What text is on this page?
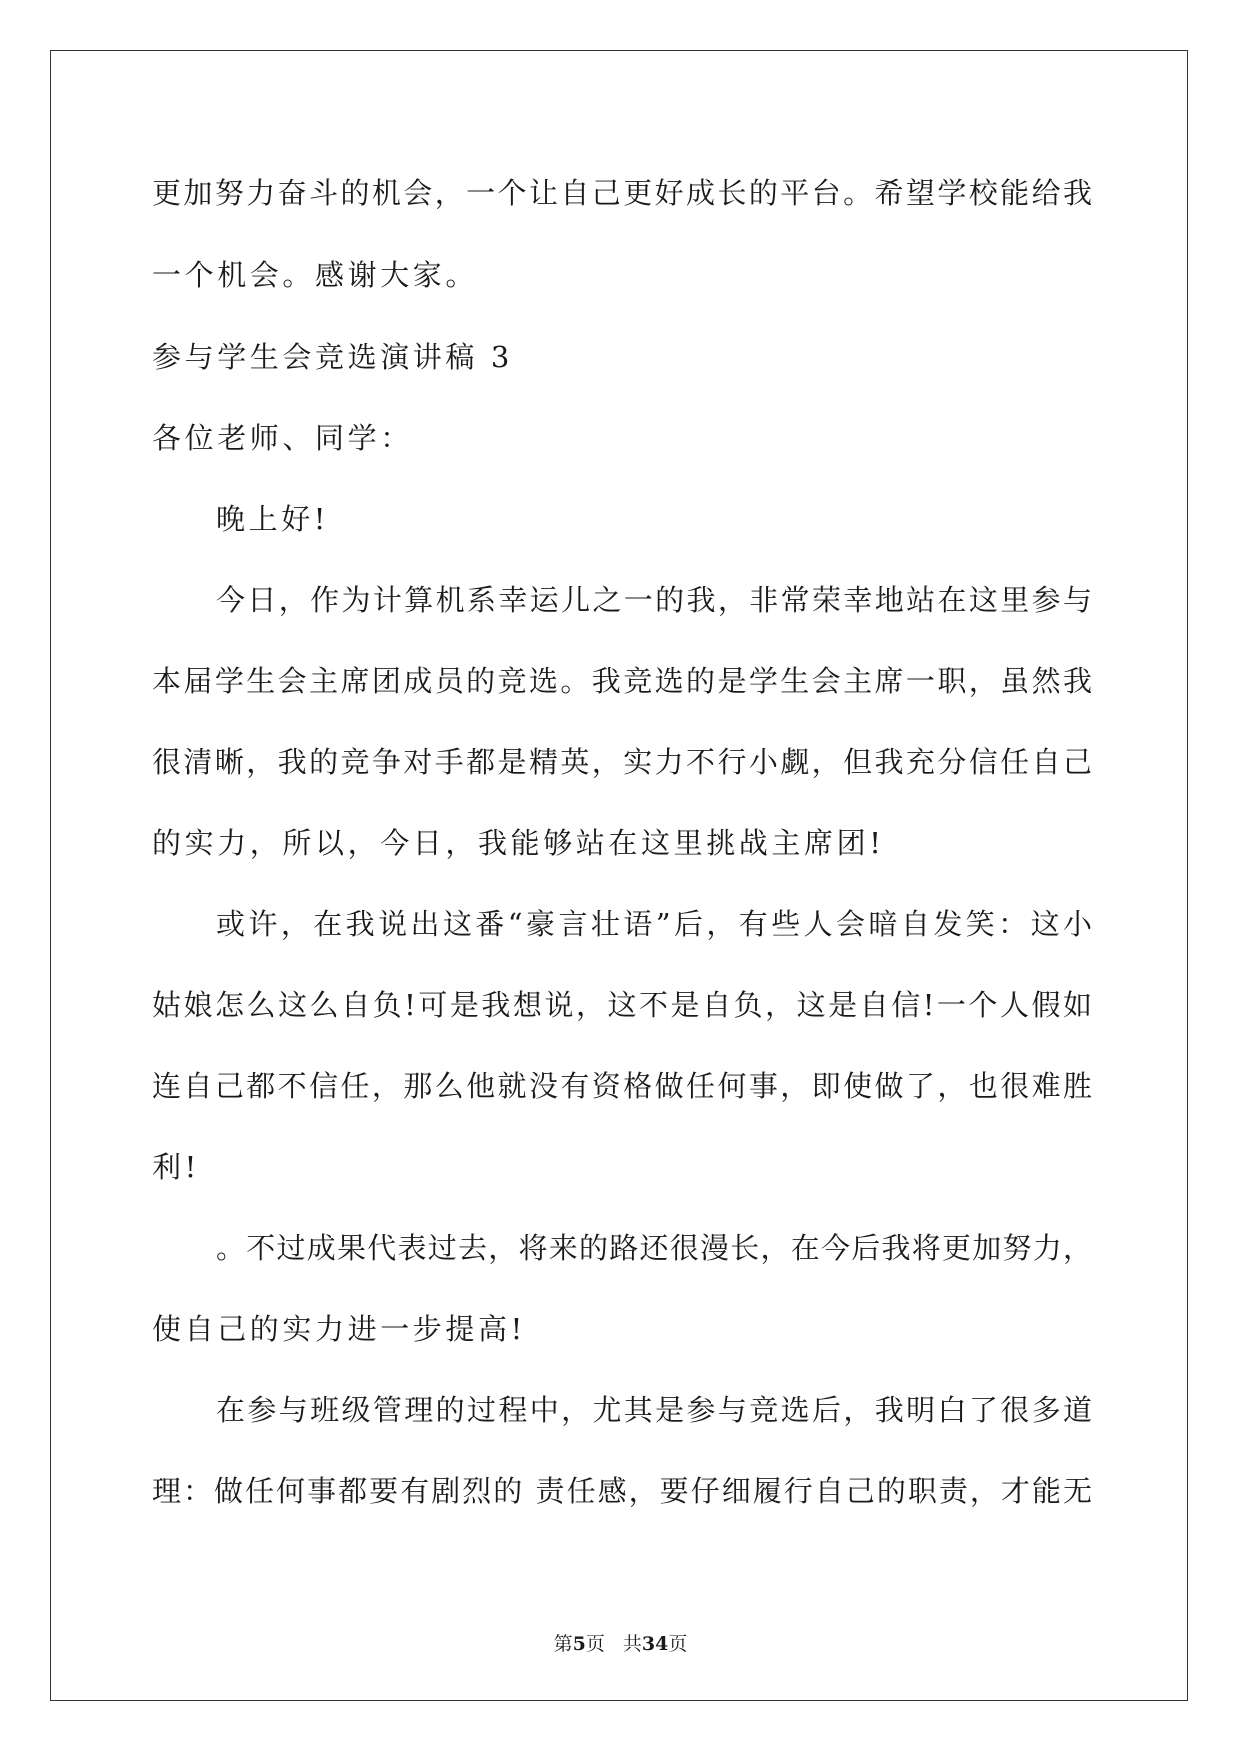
更加努力奋斗的机会，一个让自己更好成长的平台。希望学校能给我
一个机会。感谢大家。
参与学生会竞选演讲稿 3
各位老师、同学：
晚上好!
今日，作为计算机系幸运儿之一的我，非常荣幸地站在这里参与
本届学生会主席团成员的竞选。我竞选的是学生会主席一职，虽然我
很清晰，我的竞争对手都是精英，实力不行小觑，但我充分信任自己
的实力，所以，今日，我能够站在这里挑战主席团!
或许，在我说出这番“豪言壮语”后，有些人会暗自发笑：这小
姑娘怎么这么自负!可是我想说，这不是自负，这是自信!一个人假如
连自己都不信任，那么他就没有资格做任何事，即使做了，也很难胜
利!
。不过成果代表过去，将来的路还很漫长，在今后我将更加努力，
使自己的实力进一步提高!
在参与班级管理的过程中，尤其是参与竞选后，我明白了很多道
理：做任何事都要有剧烈的 责任感，要仔细履行自己的职责，才能无
第5页 共34页
